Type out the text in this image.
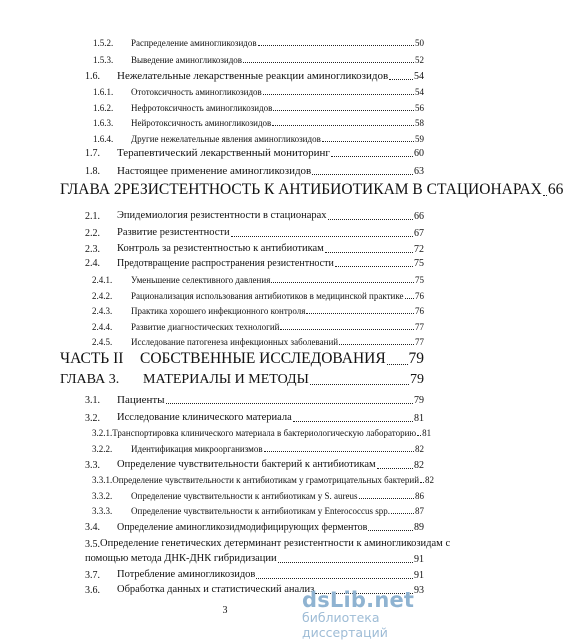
1.5.2.	Распределение аминогликозидов	50
1.5.3.	Выведение аминогликозидов	52
1.6.	Нежелательные лекарственные реакции аминогликозидов	54
1.6.1.	Ототоксичность аминогликозидов	54
1.6.2.	Нефротоксичность аминогликозидов	56
1.6.3.	Нейротоксичность аминогликозидов	58
1.6.4.	Другие нежелательные явления аминогликозидов	59
1.7.	Терапевтический лекарственный мониторинг	60
1.8.	Настоящее применение аминогликозидов	63
ГЛАВА 2 РЕЗИСТЕНТНОСТЬ К АНТИБИОТИКАМ В СТАЦИОНАРАХ 66
2.1.	Эпидемиология резистентности в стационарах	66
2.2.	Развитие резистентности	67
2.3.	Контроль за резистентностью к антибиотикам	72
2.4.	Предотвращение распространения резистентности	75
2.4.1.	Уменьшение селективного давления	75
2.4.2.	Рационализация использования антибиотиков в медицинской практике 76
2.4.3.	Практика хорошего инфекционного контроля	76
2.4.4.	Развитие диагностических технологий	77
2.4.5.	Исследование патогенеза инфекционных заболеваний	77
ЧАСТЬ II	СОБСТВЕННЫЕ ИССЛЕДОВАНИЯ 79
ГЛАВА 3.	МАТЕРИАЛЫ И МЕТОДЫ	79
3.1.	Пациенты	79
3.2.	Исследование клинического материала	81
3.2.1. Транспортировка клинического материала в бактериологическую лабораторию 81
3.2.2.	Идентификация микроорганизмов	82
3.3.	Определение чувствительности бактерий к антибиотикам	82
3.3.1. Определение чувствительности к антибиотикам у грамотрицательных бактерий 82
3.3.2.	Определение чувствительности к антибиотикам у S. aureus	86
3.3.3.	Определение чувствительности к антибиотикам у Enterococcus spp.	87
3.4.	Определение аминогликозидмодифицирующих ферментов	89
3.5. Определение генетических детерминант резистентности к аминогликозидам с
помощью метода ДНК-ДНК гибридизации	91
3.7.	Потребление аминогликозидов	91
3.6.	Обработка данных и статистический анализ	93
3	dsLib.net
библиотека диссертаций
